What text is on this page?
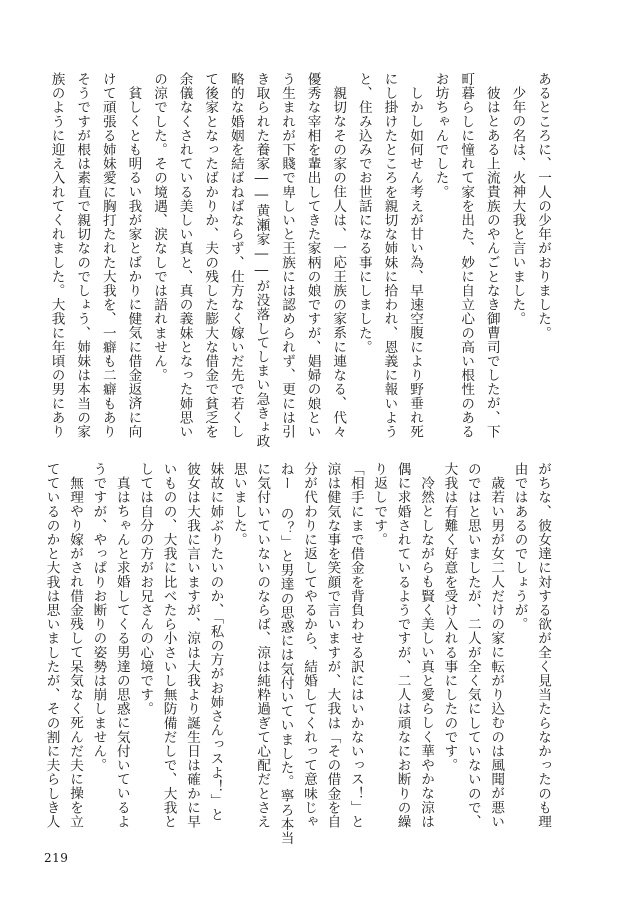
あるところに、一人の少年がおりました。
少年の名は、火神大我と言いました。
彼はとある上流貴族のやんごとなき御曹司でしたが、下
町暮らしに憧れて家を出た、妙に自立心の高い根性のある
お坊ちゃんでした。
しかし如何せん考えが甘い為、早速空腹により野垂れ死
にし掛けたところを親切な姉妹に拾われ、恩義に報いよう
と、住み込みでお世話になる事にしました。
親切なその家の住人は、一応王族の家系に連なる、代々
優秀な宰相を輩出してきた家柄の娘ですが、娼婦の娘とい
う生まれが下賤で卑しいと王族には認められず、更には引
き取られた養家――黄瀬家――が没落してしまい急きょ政
略的な婚姻を結ばねばならず、仕方なく嫁いだ先で若くし
て後家となったばかりか、夫の残した膨大な借金で貧乏を
余儀なくされている美しい真と、真の義妹となった姉思い
の涼でした。その境遇、涙なしでは語れません。
貧しくとも明るい我が家とばかりに健気に借金返済に向
けて頑張る姉妹愛に胸打たれた大我を、一癖も二癖もあり
そうですが根は素直で親切なのでしょう、姉妹は本当の家
族のように迎え入れてくれました。大我に年頃の男にあり
がちな、彼女達に対する欲が全く見当たらなかったのも理
由ではあるのでしょうが。
歳若い男が女二人だけの家に転がり込むのは風聞が悪い
のではと思いましたが、二人が全く気にしていないので、
大我は有難く好意を受け入れる事にしたのです。
冷然としながらも賢く美しい真と愛らしく華やかな涼は
偶に求婚されているようですが、二人は頑なにお断りの繰
り返しです。
「相手にまで借金を背負わせる訳にはいかないっス！」と
涼は健気な事を笑顔で言いますが、大我は「その借金を自
分が代わりに返してやるから、結婚してくれって意味じゃ
ねー の？」と男達の思惑には気付いていました。寧ろ本当
に気付いていないのならば、涼は純粋過ぎて心配だとさえ
思いました。
妹故に姉ぶりたいのか、「私の方がお姉さんっスよ！」と
彼女は大我に言いますが、涼は大我より誕生日は確かに早
いものの、大我に比べたら小さいし無防備だしで、大我と
しては自分の方がお兄さんの心境です。
真はちゃんと求婚してくる男達の思惑に気付いているよ
うですが、やっぱりお断りの姿勢は崩しません。
無理やり嫁がされ借金残して呆気なく死んだ夫に操を立
てているのかと大我は思いましたが、その割に夫らしき人
219
